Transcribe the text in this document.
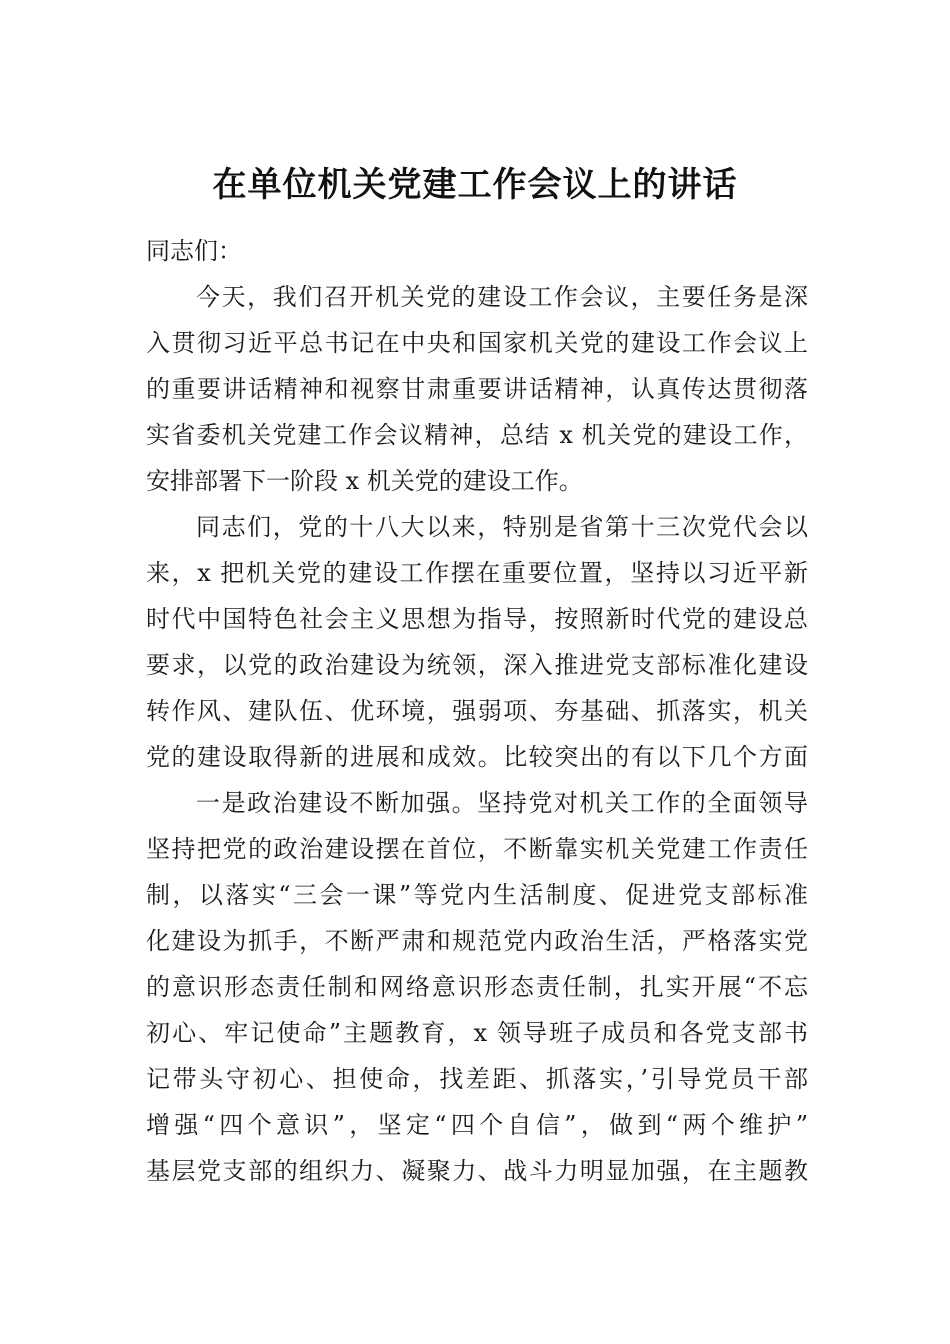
在单位机关党建工作会议上的讲话
同志们：
今天，我们召开机关党的建设工作会议，主要任务是深
入贯彻习近平总书记在中央和国家机关党的建设工作会议上
的重要讲话精神和视察甘肃重要讲话精神，认真传达贯彻落
实省委机关党建工作会议精神，总结 x 机关党的建设工作，
安排部署下一阶段 x 机关党的建设工作。
同志们，党的十八大以来，特别是省第十三次党代会以
来，x 把机关党的建设工作摆在重要位置，坚持以习近平新
时代中国特色社会主义思想为指导，按照新时代党的建设总
要求，以党的政治建设为统领，深入推进党支部标准化建设
转作风、建队伍、优环境，强弱项、夯基础、抓落实，机关
党的建设取得新的进展和成效。比较突出的有以下几个方面
一是政治建设不断加强。坚持党对机关工作的全面领导
坚持把党的政治建设摆在首位，不断靠实机关党建工作责任
制，以落实“三会一课”等党内生活制度、促进党支部标准
化建设为抓手，不断严肃和规范党内政治生活，严格落实党
的意识形态责任制和网络意识形态责任制，扎实开展“不忘
初心、牢记使命”主题教育，x 领导班子成员和各党支部书
记带头守初心、担使命，找差距、抓落实，’引导党员干部
增强“四个意识”，坚定“四个自信”，做到“两个维护”
基层党支部的组织力、凝聚力、战斗力明显加强，在主题教
